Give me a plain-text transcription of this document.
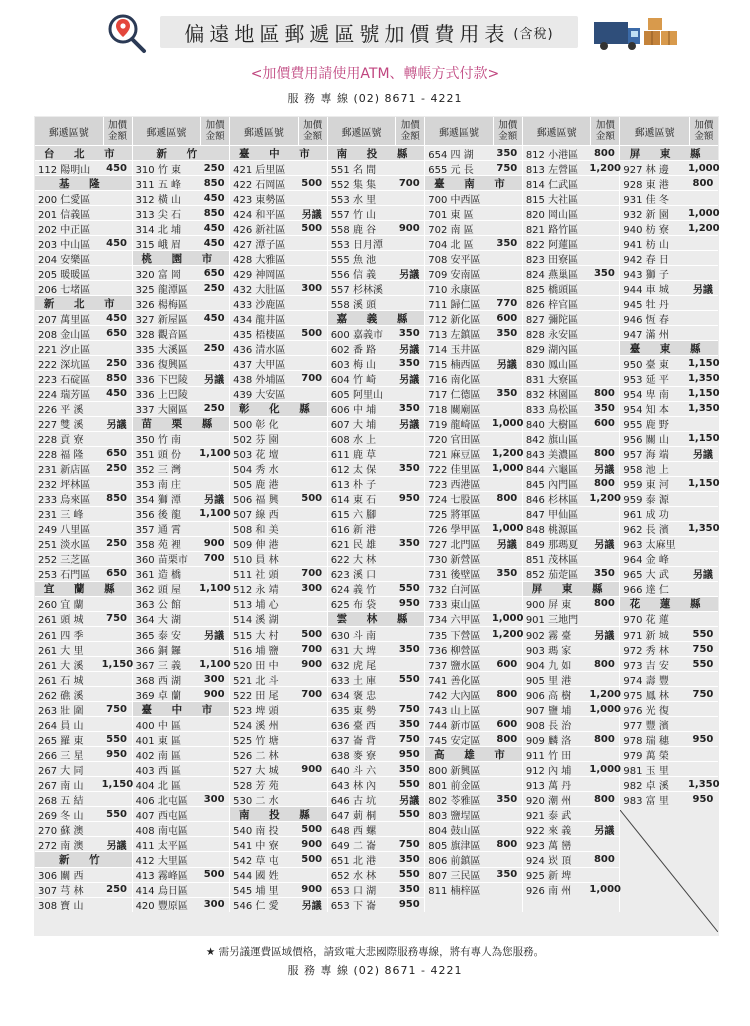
偏遠地區郵遞區號加價費用表 (含稅)
<加價費用請使用ATM、轉帳方式付款>
服 務 專 線 (02) 8671 - 4221
郵遞區號
加價金額
台 北 市
112 陽明山	450
基 隆
200 仁愛區
201 信義區
202 中正區
203 中山區	450
204 安樂區
205 暖暖區
206 七堵區
新 北 市
207 萬里區	450
208 金山區	650
221 汐止區
222 深坑區	250
223 石碇區	850
224 瑞芳區	450
226 平 溪
227 雙 溪	另議
228 貢 寮
228 福 隆	650
231 新店區	250
232 坪林區
233 烏來區	850
231 三 峰
249 八里區
251 淡水區	250
252 三芝區
253 石門區	650
宜 蘭 縣
260 宜 蘭
261 頭 城	750
261 四 季
261 大 里
261 大 溪	1,150
261 石 城
262 礁 溪
263 壯 圍	750
264 員 山
265 羅 東	550
266 三 星	950
267 大 同
267 南 山	1,150
268 五 結
269 冬 山	550
270 蘇 澳
272 南 澳	另議
新 竹
306 關 西
307 芎 林	250
308 寶 山
郵遞區號
加價金額
新 竹
310 竹 東	250
311 五 峰	850
312 橫 山	450
313 尖 石	850
314 北 埔	450
315 峨 眉	450
桃 園 市
320 富 岡	650
325 龍潭區	250
326 楊梅區
327 新屋區	450
328 觀音區
335 大溪區	250
336 復興區
336 下巴陵	另議
336 上巴陵
337 大園區	250
苗 栗 縣
350 竹 南
351 頭 份	1,100
352 三 灣
353 南 庄
354 獅 潭	另議
356 後 龍	1,100
357 通 霄
358 苑 裡	900
360 苗栗市	700
361 造 橋
362 頭 屋	1,100
363 公 館
364 大 湖
365 泰 安	另議
366 銅 鑼
367 三 義	1,100
368 西 湖	300
369 卓 蘭	900
臺 中 市
400 中 區
401 東 區
402 南 區
403 西 區
404 北 區
406 北屯區	300
407 西屯區
408 南屯區
411 太平區
412 大里區
413 霧峰區	500
414 烏日區
420 豐原區	300
郵遞區號
加價金額
臺 中 市
421 后里區
422 石岡區	500
423 東勢區
424 和平區	另議
426 新社區	500
427 潭子區
428 大雅區
429 神岡區
432 大肚區	300
433 沙鹿區
434 龍井區
435 梧棲區	500
436 清水區
437 大甲區
438 外埔區	700
439 大安區
彰 化 縣
500 彰 化
502 芬 園
503 花 壇
504 秀 水
505 鹿 港
506 福 興	500
507 線 西
508 和 美
509 伸 港
510 員 林
511 社 頭	700
512 永 靖	300
513 埔 心
514 溪 湖
515 大 村	500
516 埔 鹽	700
520 田 中	900
521 北 斗
522 田 尾	700
523 埤 頭
524 溪 州
525 竹 塘
526 二 林
527 大 城	900
528 芳 苑
530 二 水
南 投 縣
540 南 投	500
541 中 寮	900
542 草 屯	500
544 國 姓
545 埔 里	900
546 仁 愛	另議
郵遞區號
加價金額
南 投 縣
551 名 間
552 集 集	700
553 水 里
557 竹 山
558 鹿 谷	900
553 日月潭
555 魚 池
556 信 義	另議
557 杉林溪
558 溪 頭
嘉 義 縣
600 嘉義市	350
602 番 路	另議
603 梅 山	350
604 竹 崎	另議
605 阿里山
606 中 埔	350
607 大 埔	另議
608 水 上
611 鹿 草
612 太 保	350
613 朴 子
614 東 石	950
615 六 腳
616 新 港
621 民 雄	350
622 大 林
623 溪 口
624 義 竹	550
625 布 袋	950
雲 林 縣
630 斗 南
631 大 埤	350
632 虎 尾
633 土 庫	550
634 褒 忠
635 東 勢	750
636 臺 西	350
637 崙 背	750
638 麥 寮	950
640 斗 六	350
643 林 內	550
646 古 坑	另議
647 莿 桐	550
648 西 螺
649 二 崙	750
651 北 港	350
652 水 林	550
653 口 湖	350
653 下 崙	950
郵遞區號
加價金額
654 四 湖	350
655 元 長	750
臺 南 市
700 中西區
701 東 區
702 南 區
704 北 區	350
708 安平區
709 安南區
710 永康區
711 歸仁區	770
712 新化區	600
713 左鎮區	350
714 玉井區
715 楠西區	另議
716 南化區
717 仁德區	350
718 關廟區
719 龍崎區	1,000
720 官田區
721 麻豆區	1,200
722 佳里區	1,000
723 西港區
724 七股區	800
725 將軍區
726 學甲區	1,000
727 北門區	另議
730 新營區
731 後壁區	350
732 白河區
733 東山區
734 六甲區	1,000
735 下營區	1,200
736 柳營區
737 鹽水區	600
741 善化區
742 大內區	800
743 山上區
744 新市區	600
745 安定區	800
高 雄 市
800 新興區
801 前金區
802 苓雅區	350
803 鹽埕區
804 鼓山區
805 旗津區	800
806 前鎮區
807 三民區	350
811 楠梓區
郵遞區號
加價金額
812 小港區	800
813 左營區	1,200
814 仁武區
815 大社區
820 岡山區
821 路竹區
822 阿蓮區
823 田寮區
824 燕巢區	350
825 橋頭區
826 梓官區
827 彌陀區
828 永安區
829 湖內區
830 鳳山區
831 大寮區
832 林園區	800
833 鳥松區	350
840 大樹區	600
842 旗山區
843 美濃區	800
844 六龜區	另議
845 內門區	800
846 杉林區	1,200
847 甲仙區
848 桃源區
849 那瑪夏	另議
851 茂林區
852 茄萣區	350
屏 東 縣
900 屏 東	800
901 三地門
902 霧 臺	另議
903 瑪 家
904 九 如	800
905 里 港
906 高 樹	1,200
907 鹽 埔	1,000
908 長 治
909 麟 洛	800
911 竹 田
912 內 埔	1,000
913 萬 丹
920 潮 州	800
921 泰 武
922 來 義	另議
923 萬 巒
924 崁 頂	800
925 新 埤
926 南 州	1,000
郵遞區號
加價金額
屏 東 縣
927 林 邊	1,000
928 東 港	800
931 佳 冬
932 新 園	1,000
940 枋 寮	1,200
941 枋 山
942 春 日
943 獅 子
944 車 城	另議
945 牡 丹
946 恆 春
947 滿 州
臺 東 縣
950 臺 東	1,150
953 延 平	1,350
954 卑 南	1,150
954 知 本	1,350
955 鹿 野
956 關 山	1,150
957 海 端	另議
958 池 上
959 東 河	1,150
959 泰 源
961 成 功
962 長 濱	1,350
963 太麻里
964 金 峰
965 大 武	另議
966 達 仁
花 蓮 縣
970 花 蓮
971 新 城	550
972 秀 林	750
973 吉 安	550
974 壽 豐
975 鳳 林	750
976 光 復
977 豐 濱
978 瑞 穗	950
979 萬 榮
981 玉 里
982 卓 溪	1,350
983 富 里	950
★ 需另議運費區域價格，請致電大悲國際服務專線，將有專人為您服務。
服 務 專 線 (02) 8671 - 4221
